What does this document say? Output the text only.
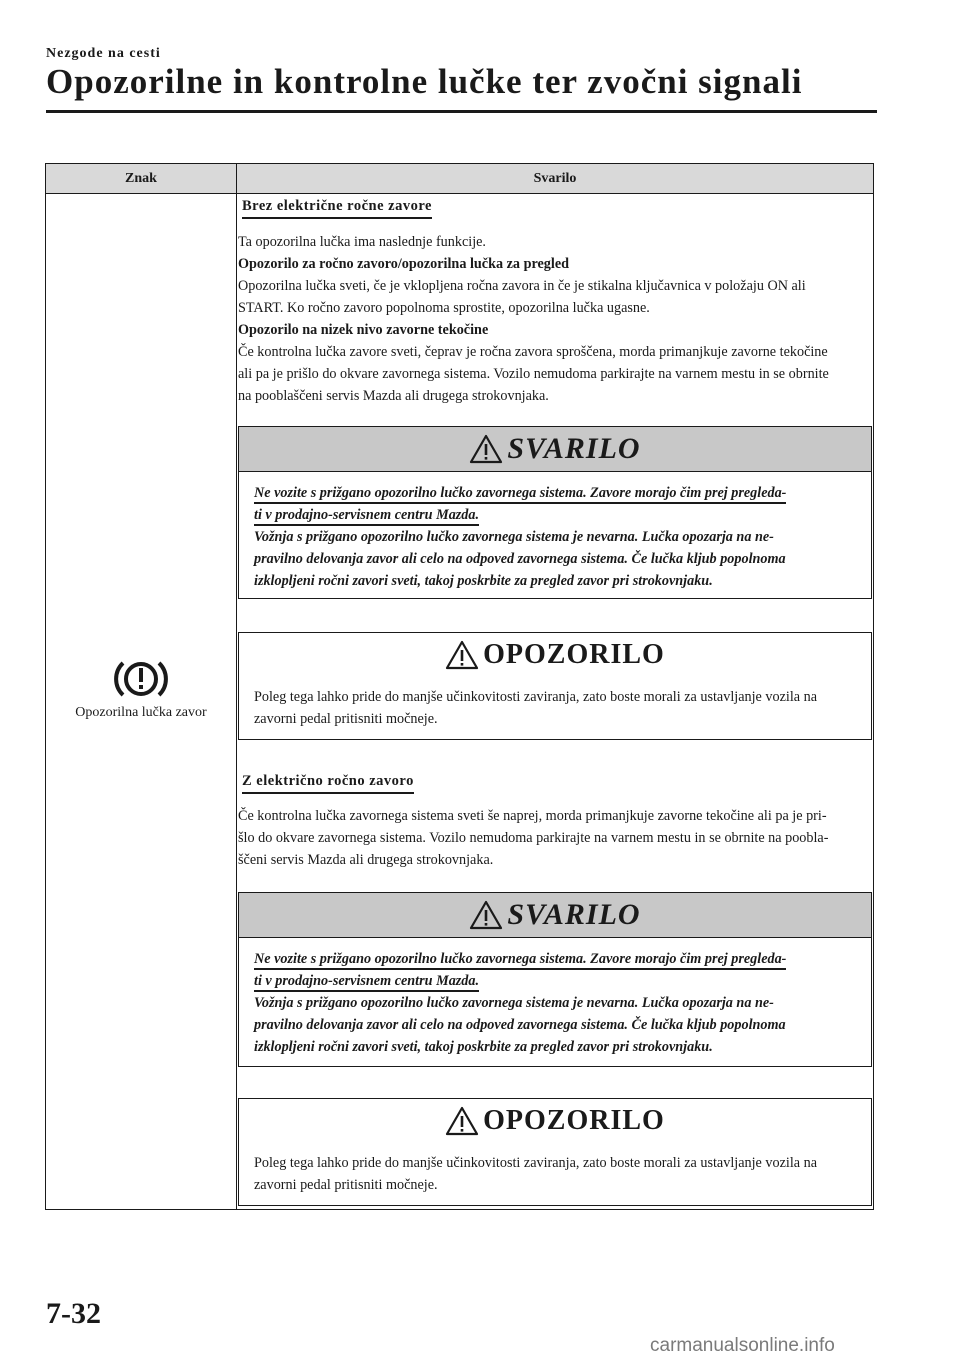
Nezgode na cesti
Opozorilne in kontrolne lučke ter zvočni signali
Znak	Svarilo
Opozorilna lučka zavor
Brez električne ročne zavore
Ta opozorilna lučka ima naslednje funkcije.
Opozorilo za ročno zavoro/opozorilna lučka za pregled
Opozorilna lučka sveti, če je vklopljena ročna zavora in če je stikalna ključavnica v položaju ON ali
START. Ko ročno zavoro popolnoma sprostite, opozorilna lučka ugasne.
Opozorilo na nizek nivo zavorne tekočine
Če kontrolna lučka zavore sveti, čeprav je ročna zavora sproščena, morda primanjkuje zavorne tekočine
ali pa je prišlo do okvare zavornega sistema. Vozilo nemudoma parkirajte na varnem mestu in se obrnite
na pooblaščeni servis Mazda ali drugega strokovnjaka.
SVARILO
Ne vozite s prižgano opozorilno lučko zavornega sistema. Zavore morajo čim prej pregleda-
ti v prodajno-servisnem centru Mazda.
Vožnja s prižgano opozorilno lučko zavornega sistema je nevarna. Lučka opozarja na ne-
pravilno delovanja zavor ali celo na odpoved zavornega sistema. Če lučka kljub popolnoma
izklopljeni ročni zavori sveti, takoj poskrbite za pregled zavor pri strokovnjaku.
OPOZORILO
Poleg tega lahko pride do manjše učinkovitosti zaviranja, zato boste morali za ustavljanje vozila na
zavorni pedal pritisniti močneje.
Z električno ročno zavoro
Če kontrolna lučka zavornega sistema sveti še naprej, morda primanjkuje zavorne tekočine ali pa je pri-
šlo do okvare zavornega sistema. Vozilo nemudoma parkirajte na varnem mestu in se obrnite na poobla-
ščeni servis Mazda ali drugega strokovnjaka.
SVARILO
Ne vozite s prižgano opozorilno lučko zavornega sistema. Zavore morajo čim prej pregleda-
ti v prodajno-servisnem centru Mazda.
Vožnja s prižgano opozorilno lučko zavornega sistema je nevarna. Lučka opozarja na ne-
pravilno delovanja zavor ali celo na odpoved zavornega sistema. Če lučka kljub popolnoma
izklopljeni ročni zavori sveti, takoj poskrbite za pregled zavor pri strokovnjaku.
OPOZORILO
Poleg tega lahko pride do manjše učinkovitosti zaviranja, zato boste morali za ustavljanje vozila na
zavorni pedal pritisniti močneje.
7-32
carmanualsonline.info
